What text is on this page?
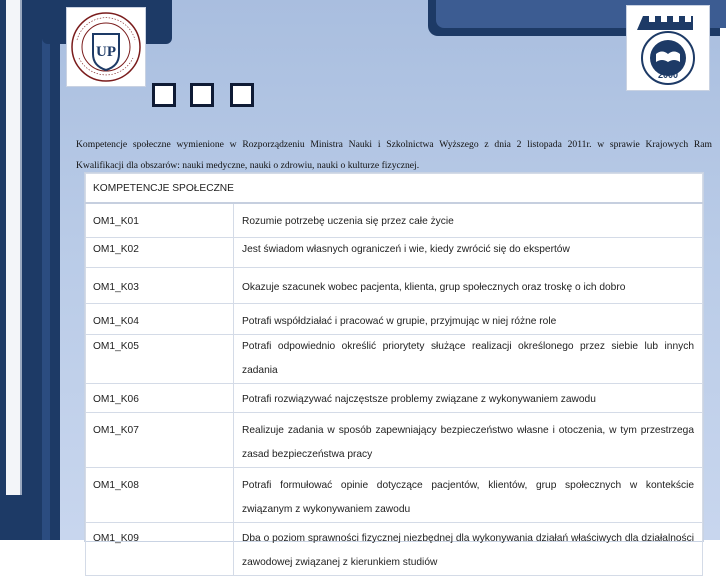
UP
2000
Kompetencje społeczne wymienione w Rozporządzeniu Ministra Nauki i Szkolnictwa Wyższego z dnia 2 listopada 2011r. w sprawie Krajowych Ram
Kwalifikacji dla obszarów: nauki medyczne, nauki o zdrowiu, nauki o kulturze fizycznej.
KOMPETENCJE SPOŁECZNE	
OM1_K01	Rozumie potrzebę uczenia się przez całe życie
OM1_K02	Jest świadom własnych ograniczeń i wie, kiedy zwrócić się do ekspertów
OM1_K03	Okazuje szacunek wobec pacjenta, klienta, grup społecznych oraz troskę o ich dobro
OM1_K04	Potrafi współdziałać i pracować w grupie, przyjmując w niej różne role
OM1_K05	Potrafi odpowiednio określić priorytety służące realizacji określonego przez siebie lub innych zadania
OM1_K06	Potrafi rozwiązywać najczęstsze problemy związane z wykonywaniem zawodu
OM1_K07	Realizuje zadania w sposób zapewniający bezpieczeństwo własne i otoczenia, w tym przestrzega zasad bezpieczeństwa pracy
OM1_K08	Potrafi formułować opinie dotyczące pacjentów, klientów, grup społecznych w kontekście związanym z wykonywaniem zawodu
OM1_K09	Dba o poziom sprawności fizycznej niezbędnej dla wykonywania działań właściwych dla działalności zawodowej związanej z kierunkiem studiów
